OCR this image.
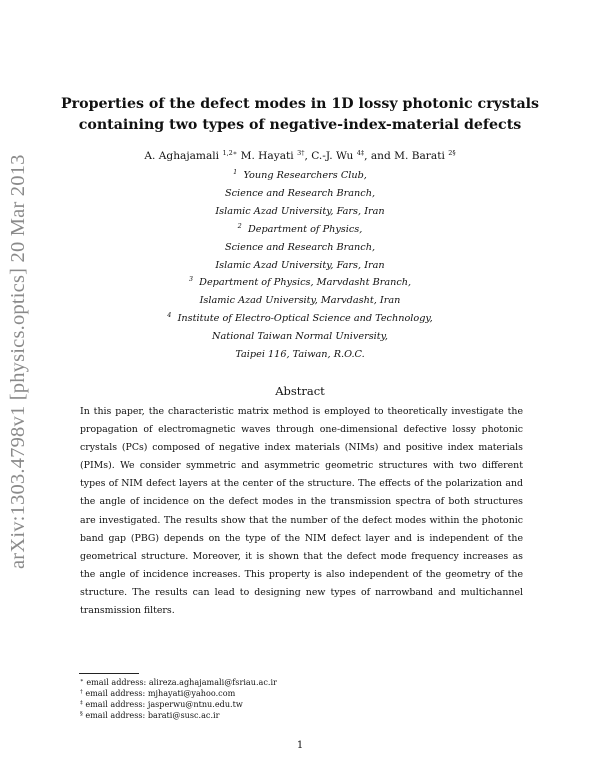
arXiv:1303.4798v1 [physics.optics] 20 Mar 2013
Properties of the defect modes in 1D lossy photonic crystals
containing two types of negative-index-material defects
A. Aghajamali $^{1,2∗}$ M. Hayati $^{3\dagger}$, C.-J. Wu $^{4\ddagger}$, and M. Barati $^{2\S}$
$^1$ Young Researchers Club,
Science and Research Branch,
Islamic Azad University, Fars, Iran
$^2$ Department of Physics,
Science and Research Branch,
Islamic Azad University, Fars, Iran
$^3$ Department of Physics, Marvdasht Branch,
Islamic Azad University, Marvdasht, Iran
$^4$ Institute of Electro-Optical Science and Technology,
National Taiwan Normal University,
Taipei 116, Taiwan, R.O.C.
Abstract
In this paper, the characteristic matrix method is employed to theoretically investigate the propagation of electromagnetic waves through one-dimensional defective lossy photonic crystals (PCs) composed of negative index materials (NIMs) and positive index materials (PIMs). We consider symmetric and asymmetric geometric structures with two different types of NIM defect layers at the center of the structure. The effects of the polarization and the angle of incidence on the defect modes in the transmission spectra of both structures are investigated. The results show that the number of the defect modes within the photonic band gap (PBG) depends on the type of the NIM defect layer and is independent of the geometrical structure. Moreover, it is shown that the defect mode frequency increases as the angle of incidence increases. This property is also independent of the geometry of the structure. The results can lead to designing new types of narrowband and multichannel transmission filters.
∗ email address: alireza.aghajamali@fsriau.ac.ir
† email address: mjhayati@yahoo.com
‡ email address: jasperwu@ntnu.edu.tw
§ email address: barati@susc.ac.ir
1
